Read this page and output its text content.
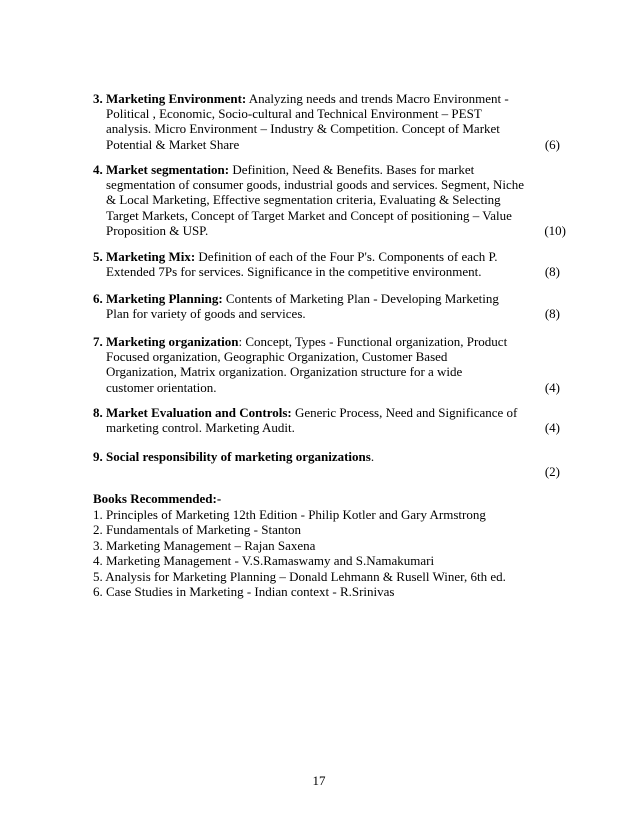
3. Marketing Environment: Analyzing needs and trends Macro Environment -
Political , Economic, Socio-cultural and Technical Environment – PEST
analysis. Micro Environment – Industry & Competition. Concept of Market
Potential & Market Share	(6)
4. Market segmentation: Definition, Need & Benefits. Bases for market
segmentation of consumer goods, industrial goods and services. Segment, Niche
& Local Marketing, Effective segmentation criteria, Evaluating & Selecting
Target Markets, Concept of Target Market and Concept of positioning – Value
Proposition & USP.	(10)
5. Marketing Mix: Definition of each of the Four P's. Components of each P.
Extended 7Ps for services. Significance in the competitive environment.	(8)
6. Marketing Planning: Contents of Marketing Plan - Developing Marketing
Plan for variety of goods and services.	(8)
7. Marketing organization: Concept, Types - Functional organization, Product
Focused organization, Geographic Organization, Customer Based
Organization, Matrix organization. Organization structure for a wide
customer orientation.	(4)
8. Market Evaluation and Controls: Generic Process, Need and Significance of
marketing control. Marketing Audit.	(4)
9. Social responsibility of marketing organizations.
(2)
Books Recommended:-
1. Principles of Marketing 12th Edition - Philip Kotler and Gary Armstrong
2. Fundamentals of Marketing - Stanton
3. Marketing Management – Rajan Saxena
4. Marketing Management - V.S.Ramaswamy and S.Namakumari
5. Analysis for Marketing Planning – Donald Lehmann & Rusell Winer, 6th ed.
6. Case Studies in Marketing - Indian context - R.Srinivas
17
